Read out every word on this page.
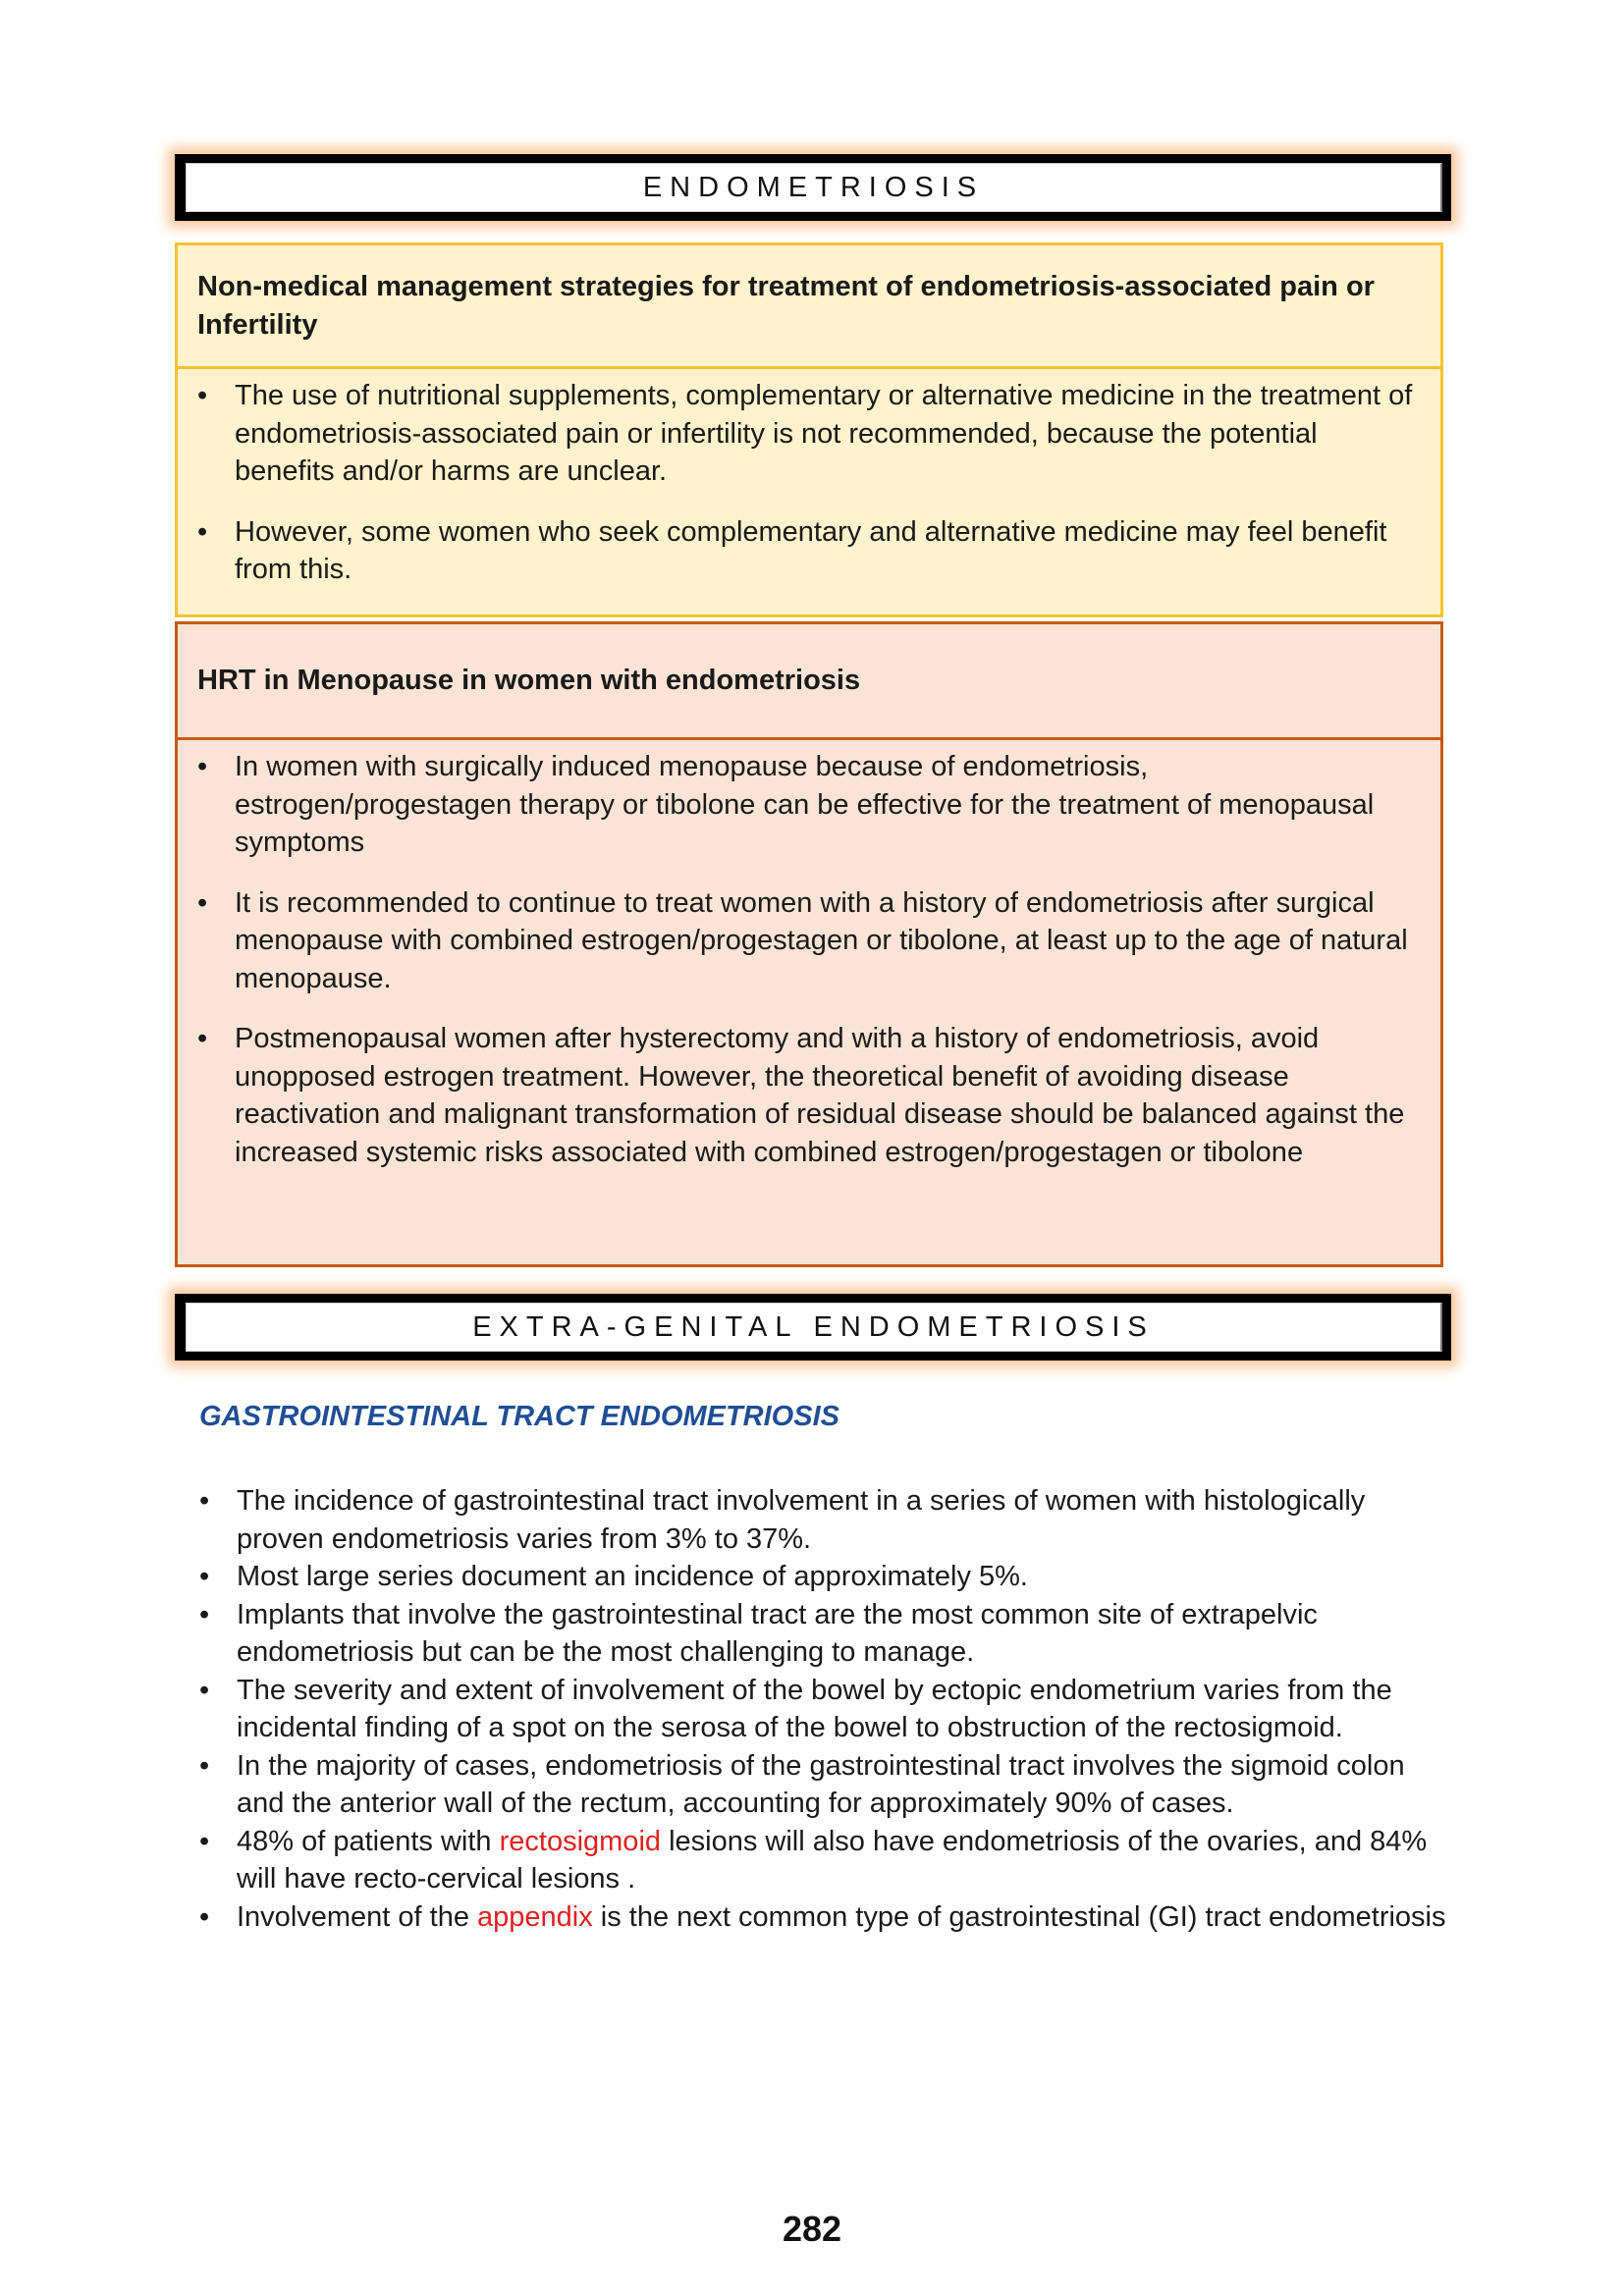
ENDOMETRIOSIS
Non-medical management strategies for treatment of endometriosis-associated pain or Infertility
• The use of nutritional supplements, complementary or alternative medicine in the treatment of endometriosis-associated pain or infertility is not recommended, because the potential benefits and/or harms are unclear.
• However, some women who seek complementary and alternative medicine may feel benefit from this.
HRT in Menopause in women with endometriosis
• In women with surgically induced menopause because of endometriosis, estrogen/progestagen therapy or tibolone can be effective for the treatment of menopausal symptoms
• It is recommended to continue to treat women with a history of endometriosis after surgical menopause with combined estrogen/progestagen or tibolone, at least up to the age of natural menopause.
• Postmenopausal women after hysterectomy and with a history of endometriosis, avoid unopposed estrogen treatment. However, the theoretical benefit of avoiding disease reactivation and malignant transformation of residual disease should be balanced against the increased systemic risks associated with combined estrogen/progestagen or tibolone
EXTRA-GENITAL ENDOMETRIOSIS
GASTROINTESTINAL TRACT ENDOMETRIOSIS
• The incidence of gastrointestinal tract involvement in a series of women with histologically proven endometriosis varies from 3% to 37%.
• Most large series document an incidence of approximately 5%.
• Implants that involve the gastrointestinal tract are the most common site of extrapelvic endometriosis but can be the most challenging to manage.
• The severity and extent of involvement of the bowel by ectopic endometrium varies from the incidental finding of a spot on the serosa of the bowel to obstruction of the rectosigmoid.
• In the majority of cases, endometriosis of the gastrointestinal tract involves the sigmoid colon and the anterior wall of the rectum, accounting for approximately 90% of cases.
• 48% of patients with rectosigmoid lesions will also have endometriosis of the ovaries, and 84% will have recto-cervical lesions .
• Involvement of the appendix is the next common type of gastrointestinal (GI) tract endometriosis
282
